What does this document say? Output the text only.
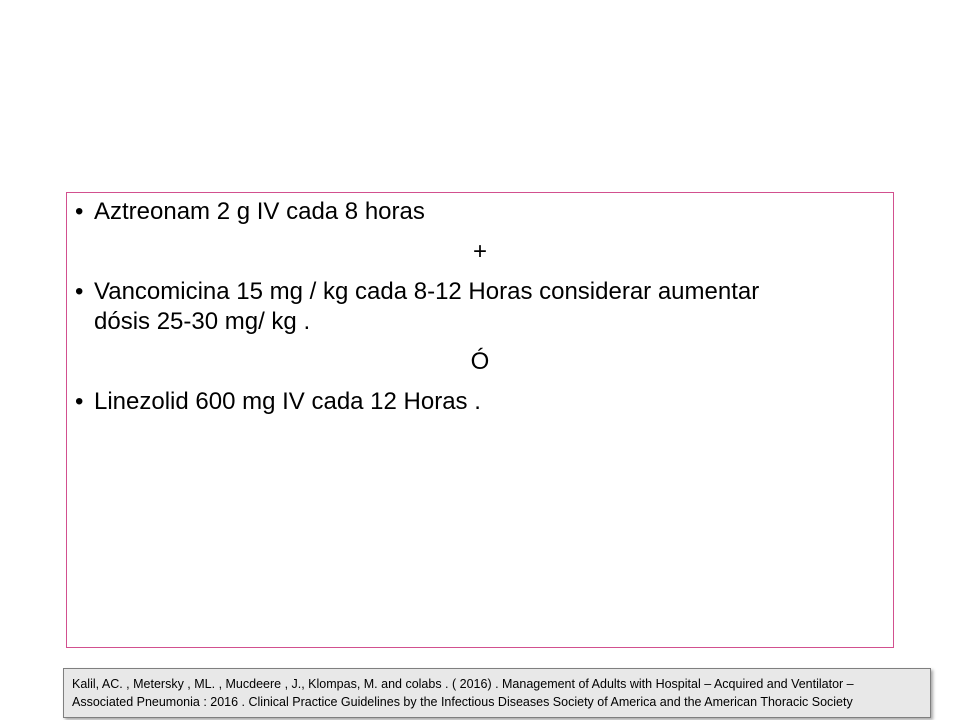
• Aztreonam 2 g IV cada 8 horas
+
• Vancomicina 15 mg / kg cada 8-12 Horas considerar aumentar
dósis 25-30 mg/ kg .
Ó
• Linezolid 600 mg IV cada 12 Horas .
Kalil, AC. , Metersky , ML. , Mucdeere , J., Klompas, M. and colabs . ( 2016) . Management of Adults with Hospital – Acquired and Ventilator –
Associated Pneumonia : 2016 . Clinical Practice Guidelines by the Infectious Diseases Society of America and the American Thoracic Society
